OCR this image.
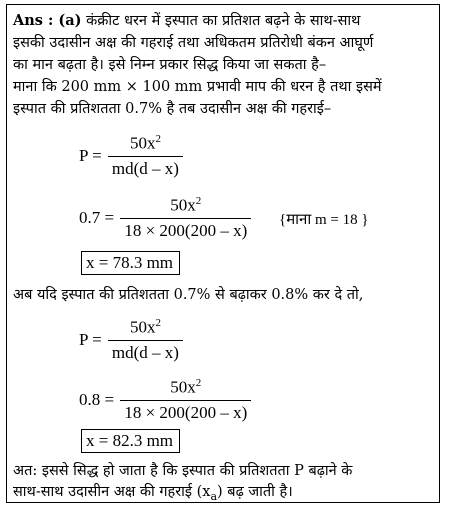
Ans : (a) कंक्रीट धरन में इस्पात का प्रतिशत बढ़ने के साथ-साथ
इसकी उदासीन अक्ष की गहराई तथा अधिकतम प्रतिरोधी बंकन आघूर्ण
का मान बढ़ता है। इसे निम्न प्रकार सिद्ध किया जा सकता है–
माना कि 200 mm × 100 mm प्रभावी माप की धरन है तथा इसमें
इस्पात की प्रतिशतता 0.7% है तब उदासीन अक्ष की गहराई–
$P = \frac{50x^2}{md(d - x)}$
$0.7 = \frac{50x^2}{18 \times 200(200 - x)}$ {माना m = 18 }
x = 78.3 mm
अब यदि इस्पात की प्रतिशतता 0.7% से बढ़ाकर 0.8% कर दे तो,
$P = \frac{50x^2}{md(d - x)}$
$0.8 = \frac{50x^2}{18 \times 200(200 - x)}$
x = 82.3 mm
अत: इससे सिद्ध हो जाता है कि इस्पात की प्रतिशतता P बढ़ाने के
साथ-साथ उदासीन अक्ष की गहराई $(x_a)$ बढ़ जाती है।
